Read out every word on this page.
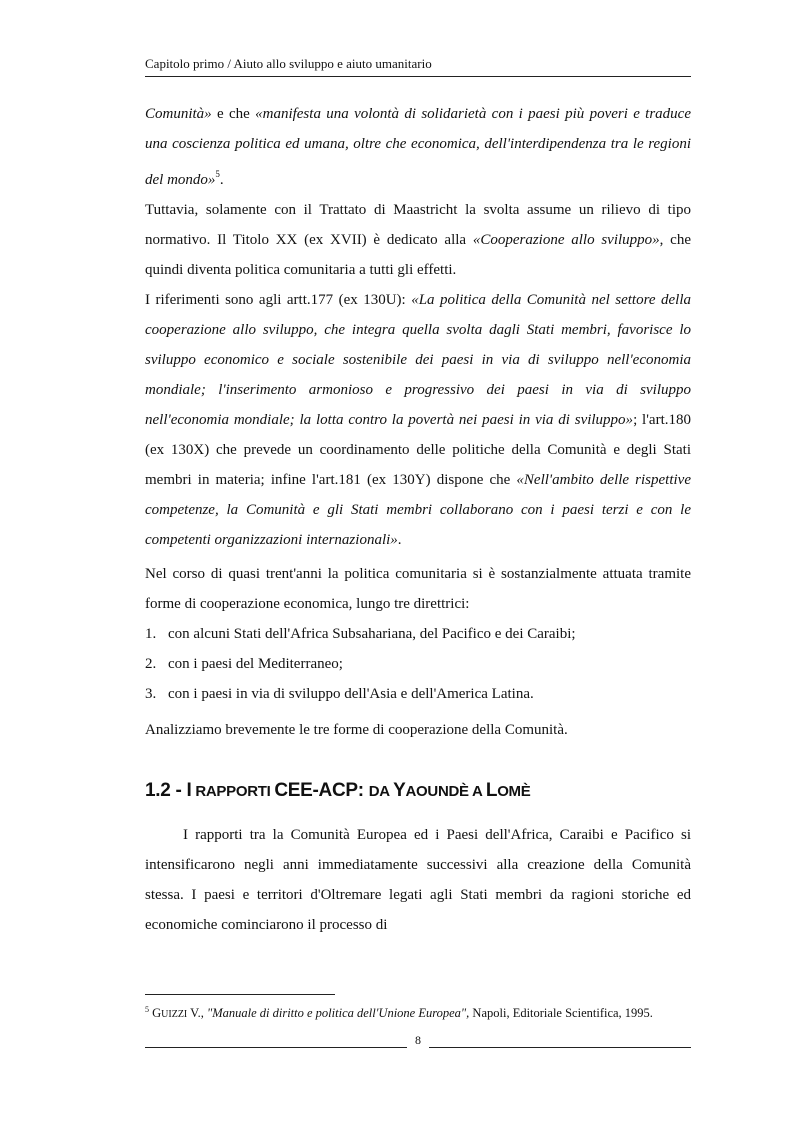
Capitolo primo / Aiuto allo sviluppo e aiuto umanitario

Comunità» e che «manifesta una volontà di solidarietà con i paesi più poveri e traduce una coscienza politica ed umana, oltre che economica, dell'interdipendenza tra le regioni del mondo»$^5$.

Tuttavia, solamente con il Trattato di Maastricht la svolta assume un rilievo di tipo normativo. Il Titolo XX (ex XVII) è dedicato alla «Cooperazione allo sviluppo», che quindi diventa politica comunitaria a tutti gli effetti.

I riferimenti sono agli artt.177 (ex 130U): «La politica della Comunità nel settore della cooperazione allo sviluppo, che integra quella svolta dagli Stati membri, favorisce lo sviluppo economico e sociale sostenibile dei paesi in via di sviluppo nell'economia mondiale; l'inserimento armonioso e progressivo dei paesi in via di sviluppo nell'economia mondiale; la lotta contro la povertà nei paesi in via di sviluppo»; l'art.180 (ex 130X) che prevede un coordinamento delle politiche della Comunità e degli Stati membri in materia; infine l'art.181 (ex 130Y) dispone che «Nell'ambito delle rispettive competenze, la Comunità e gli Stati membri collaborano con i paesi terzi e con le competenti organizzazioni internazionali».

Nel corso di quasi trent'anni la politica comunitaria si è sostanzialmente attuata tramite forme di cooperazione economica, lungo tre direttrici:

1. con alcuni Stati dell'Africa Subsahariana, del Pacifico e dei Caraibi;
2. con i paesi del Mediterraneo;
3. con i paesi in via di sviluppo dell'Asia e dell'America Latina.

Analizziamo brevemente le tre forme di cooperazione della Comunità.

1.2 - I RAPPORTI CEE-ACP: DA YAOUNDÈ A LOMÈ

I rapporti tra la Comunità Europea ed i Paesi dell'Africa, Caraibi e Pacifico si intensificarono negli anni immediatamente successivi alla creazione della Comunità stessa. I paesi e territori d'Oltremare legati agli Stati membri da ragioni storiche ed economiche cominciarono il processo di

$^5$ GUIZZI V., "Manuale di diritto e politica dell'Unione Europea", Napoli, Editoriale Scientifica, 1995.
8
